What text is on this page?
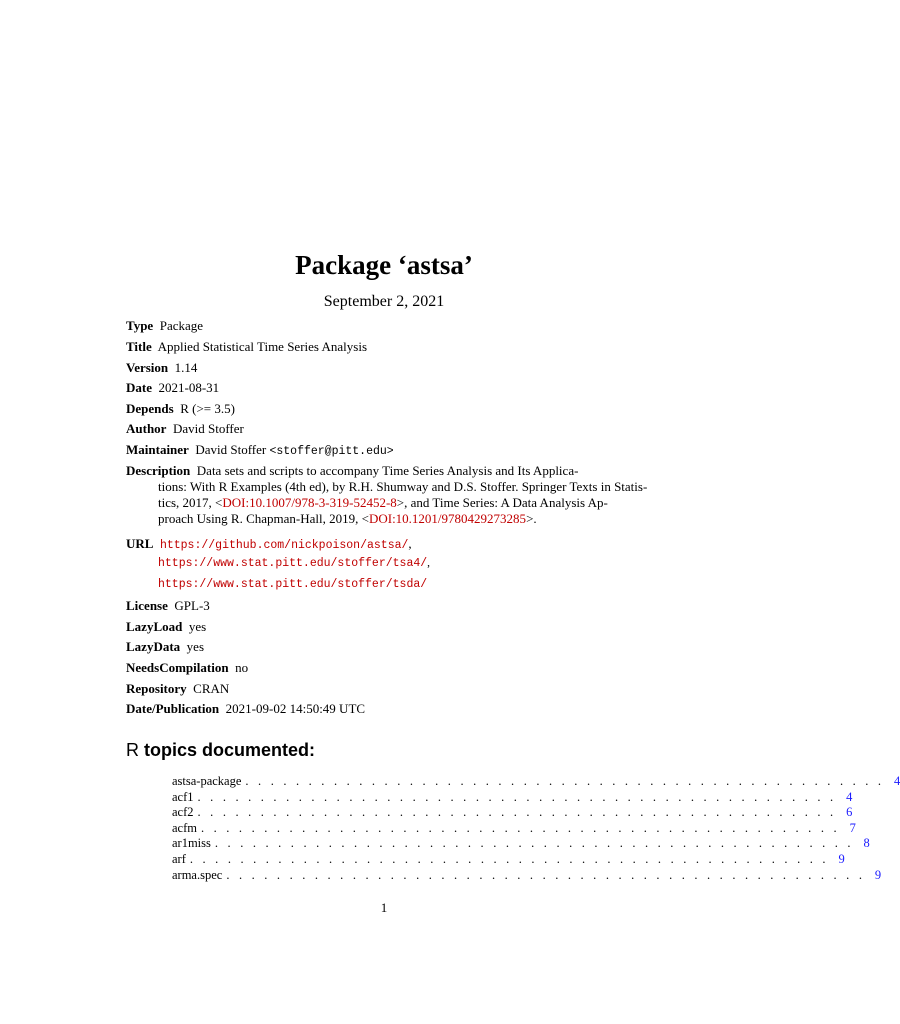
Package ‘astsa’
September 2, 2021
Type Package
Title Applied Statistical Time Series Analysis
Version 1.14
Date 2021-08-31
Depends R (>= 3.5)
Author David Stoffer
Maintainer David Stoffer <stoffer@pitt.edu>
Description Data sets and scripts to accompany Time Series Analysis and Its Applica-
tions: With R Examples (4th ed), by R.H. Shumway and D.S. Stoffer. Springer Texts in Statis-
tics, 2017, <DOI:10.1007/978-3-319-52452-8>, and Time Series: A Data Analysis Ap-
proach Using R. Chapman-Hall, 2019, <DOI:10.1201/9780429273285>.
URL https://github.com/nickpoison/astsa/,
https://www.stat.pitt.edu/stoffer/tsa4/,
https://www.stat.pitt.edu/stoffer/tsda/
License GPL-3
LazyLoad yes
LazyData yes
NeedsCompilation no
Repository CRAN
Date/Publication 2021-09-02 14:50:49 UTC
R topics documented:
astsa-package . . . . . . . . . . . . . . . . . . . . . . . . . . . . . . . . . . . . . . . . . . . . . . . . . . . 4
acf1 . . . . . . . . . . . . . . . . . . . . . . . . . . . . . . . . . . . . . . . . . . . . . . . . . . . 4
acf2 . . . . . . . . . . . . . . . . . . . . . . . . . . . . . . . . . . . . . . . . . . . . . . . . . . . 6
acfm . . . . . . . . . . . . . . . . . . . . . . . . . . . . . . . . . . . . . . . . . . . . . . . . . . . 7
ar1miss . . . . . . . . . . . . . . . . . . . . . . . . . . . . . . . . . . . . . . . . . . . . . . . . . . . 8
arf . . . . . . . . . . . . . . . . . . . . . . . . . . . . . . . . . . . . . . . . . . . . . . . . . . . 9
arma.spec . . . . . . . . . . . . . . . . . . . . . . . . . . . . . . . . . . . . . . . . . . . . . . . . . . . 9
1
